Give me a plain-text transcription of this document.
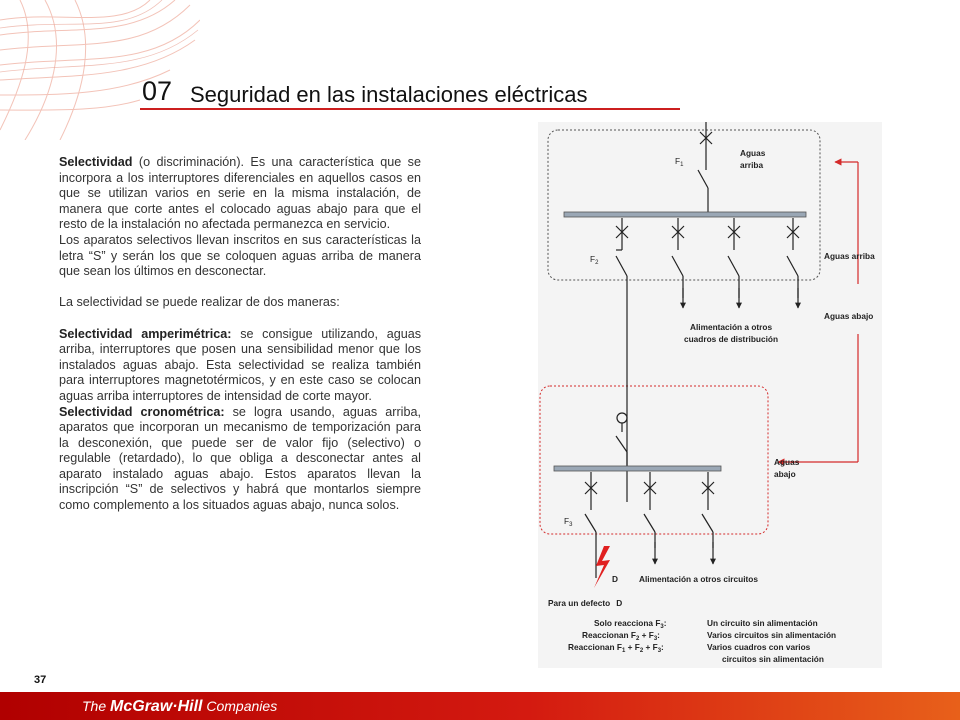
07 Seguridad en las instalaciones eléctricas

Selectividad (o discriminación). Es una característica que se incorpora a los interruptores diferenciales en aquellos casos en que se utilizan varios en serie en la misma instalación, de manera que corte antes el colocado aguas abajo para que el resto de la instalación no afectada permanezca en servicio.

Los aparatos selectivos llevan inscritos en sus características la letra “S” y serán los que se coloquen aguas arriba de manera que sean los últimos en desconectar.

La selectividad se puede realizar de dos maneras:

Selectividad amperimétrica: se consigue utilizando, aguas arriba, interruptores que posen una sensibilidad menor que los instalados aguas abajo. Esta selectividad se realiza también para interruptores magnetotérmicos, y en este caso se colocan aguas arriba interruptores de intensidad de corte mayor.

Selectividad cronométrica: se logra usando, aguas arriba, aparatos que incorporan un mecanismo de temporización para la desconexión, que puede ser de valor fijo (selectivo) o regulable (retardado), lo que obliga a desconectar antes al aparato instalado aguas abajo. Estos aparatos llevan la inscripción “S” de selectivos y habrá que montarlos siempre como complemento a los situados aguas abajo, nunca solos.

$F_1$
Aguas
arriba
$F_2$
Aguas arriba
Aguas abajo
Alimentación a otros
cuadros de distribución
Aguas
abajo
$F_3$
D	Alimentación a otros circuitos
Para un defecto D
Solo reacciona $F_3$:	Un circuito sin alimentación
Reaccionan $F_2 + F_3$:	Varios circuitos sin alimentación
Reaccionan $F_1 + F_2 + F_3$:	Varios cuadros con varios
circuitos sin alimentación
37
The McGraw·Hill Companies
